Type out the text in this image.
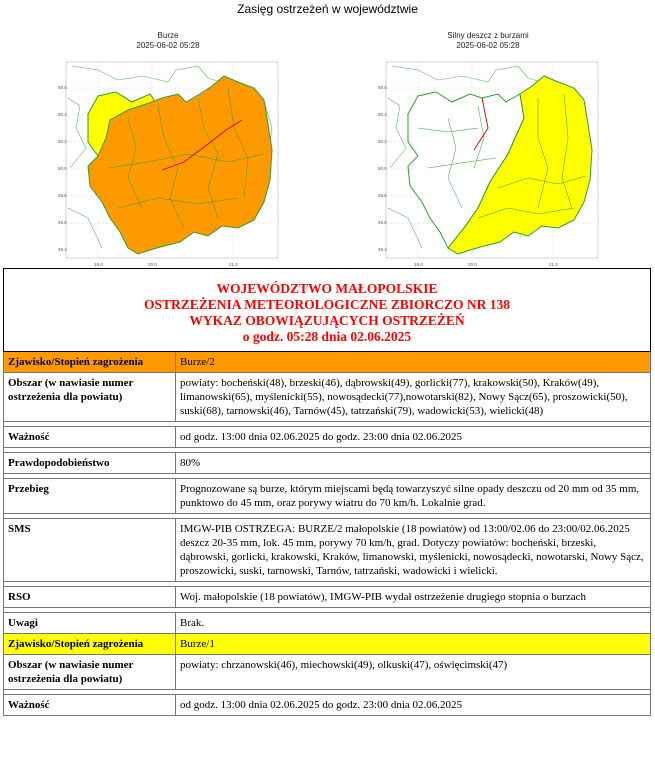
Zasięg ostrzeżeń w województwie
Burze
2025-06-02 05:28
50.6
50.4
50.2
50.0
49.8
49.6
49.4
19.0	20.0	21.0
Silny deszcz z burzami
2025-06-02 05:28
50.6
50.4
50.2
50.0
49.8
49.6
49.4
19.0	20.0	21.0
WOJEWÓDZTWO MAŁOPOLSKIE
OSTRZEŻENIA METEOROLOGICZNE ZBIORCZO NR 138
WYKAZ OBOWIĄZUJĄCYCH OSTRZEŻEŃ
o godz. 05:28 dnia 02.06.2025	

Zjawisko/Stopień zagrożenia	Burze/2
Obszar (w nawiasie numer ostrzeżenia dla powiatu)	powiaty: bocheński(48), brzeski(46), dąbrowski(49), gorlicki(77), krakowski(50), Kraków(49), limanowski(65), myślenicki(55), nowosądecki(77),nowotarski(82), Nowy Sącz(65), proszowicki(50), suski(68), tarnowski(46), Tarnów(45), tatrzański(79), wadowicki(53), wielicki(48)

Ważność	od godz. 13:00 dnia 02.06.2025 do godz. 23:00 dnia 02.06.2025

Prawdopodobieństwo	80%

Przebieg	Prognozowane są burze, którym miejscami będą towarzyszyć silne opady deszczu od 20 mm od 35 mm, punktowo do 45 mm, oraz porywy wiatru do 70 km/h. Lokalnie grad.

SMS	IMGW-PIB OSTRZEGA: BURZE/2 małopolskie (18 powiatów) od 13:00/02.06 do 23:00/02.06.2025 deszcz 20-35 mm, lok. 45 mm, porywy 70 km/h, grad. Dotyczy powiatów: bocheński, brzeski, dąbrowski, gorlicki, krakowski, Kraków, limanowski, myślenicki, nowosądecki, nowotarski, Nowy Sącz, proszowicki, suski, tarnowski, Tarnów, tatrzański, wadowicki i wielicki.

RSO	Woj. małopolskie (18 powiatów), IMGW-PIB wydał ostrzeżenie drugiego stopnia o burzach

Uwagi	Brak.
Zjawisko/Stopień zagrożenia	Burze/1
Obszar (w nawiasie numer ostrzeżenia dla powiatu)	powiaty: chrzanowski(46), miechowski(49), olkuski(47), oświęcimski(47)

Ważność	od godz. 13:00 dnia 02.06.2025 do godz. 23:00 dnia 02.06.2025
